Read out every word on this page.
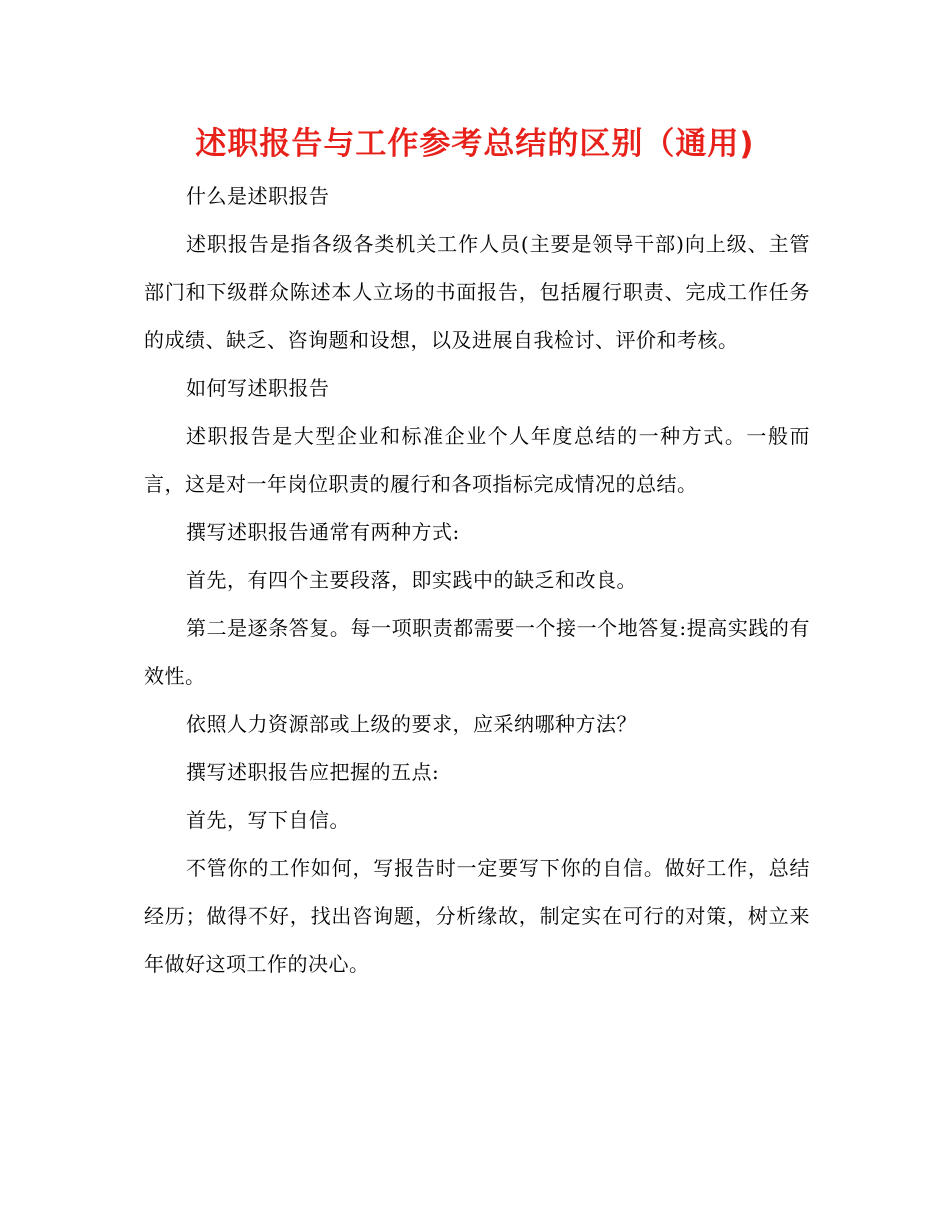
述职报告与工作参考总结的区别（通用)

什么是述职报告

述职报告是指各级各类机关工作人员(主要是领导干部)向上级、主管部门和下级群众陈述本人立场的书面报告，包括履行职责、完成工作任务的成绩、缺乏、咨询题和设想，以及进展自我检讨、评价和考核。

如何写述职报告

述职报告是大型企业和标准企业个人年度总结的一种方式。一般而言，这是对一年岗位职责的履行和各项指标完成情况的总结。

撰写述职报告通常有两种方式:

首先，有四个主要段落，即实践中的缺乏和改良。

第二是逐条答复。每一项职责都需要一个接一个地答复:提高实践的有效性。

依照人力资源部或上级的要求，应采纳哪种方法？

撰写述职报告应把握的五点:

首先，写下自信。

不管你的工作如何，写报告时一定要写下你的自信。做好工作，总结经历；做得不好，找出咨询题，分析缘故，制定实在可行的对策，树立来年做好这项工作的决心。
